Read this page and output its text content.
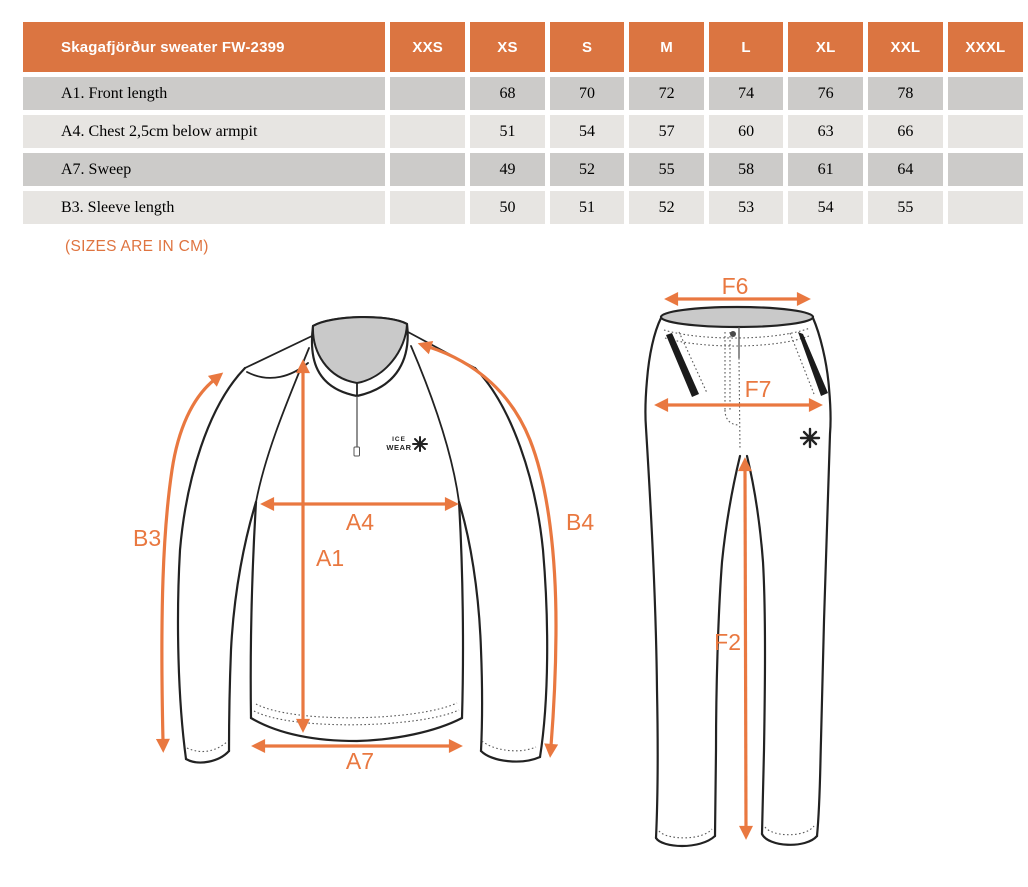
Skagafjörður sweater FW-2399	XXS	XS	S	M	L	XL	XXL	XXXL
A1. Front length		68	70	72	74	76	78	
A4. Chest 2,5cm below armpit		51	54	57	60	63	66	
A7. Sweep		49	52	55	58	61	64	
B3. Sleeve length		50	51	52	53	54	55	
(SIZES ARE IN CM)
ICE
WEAR
A1
A4
A7
B3
B4
F6
F7
F2
